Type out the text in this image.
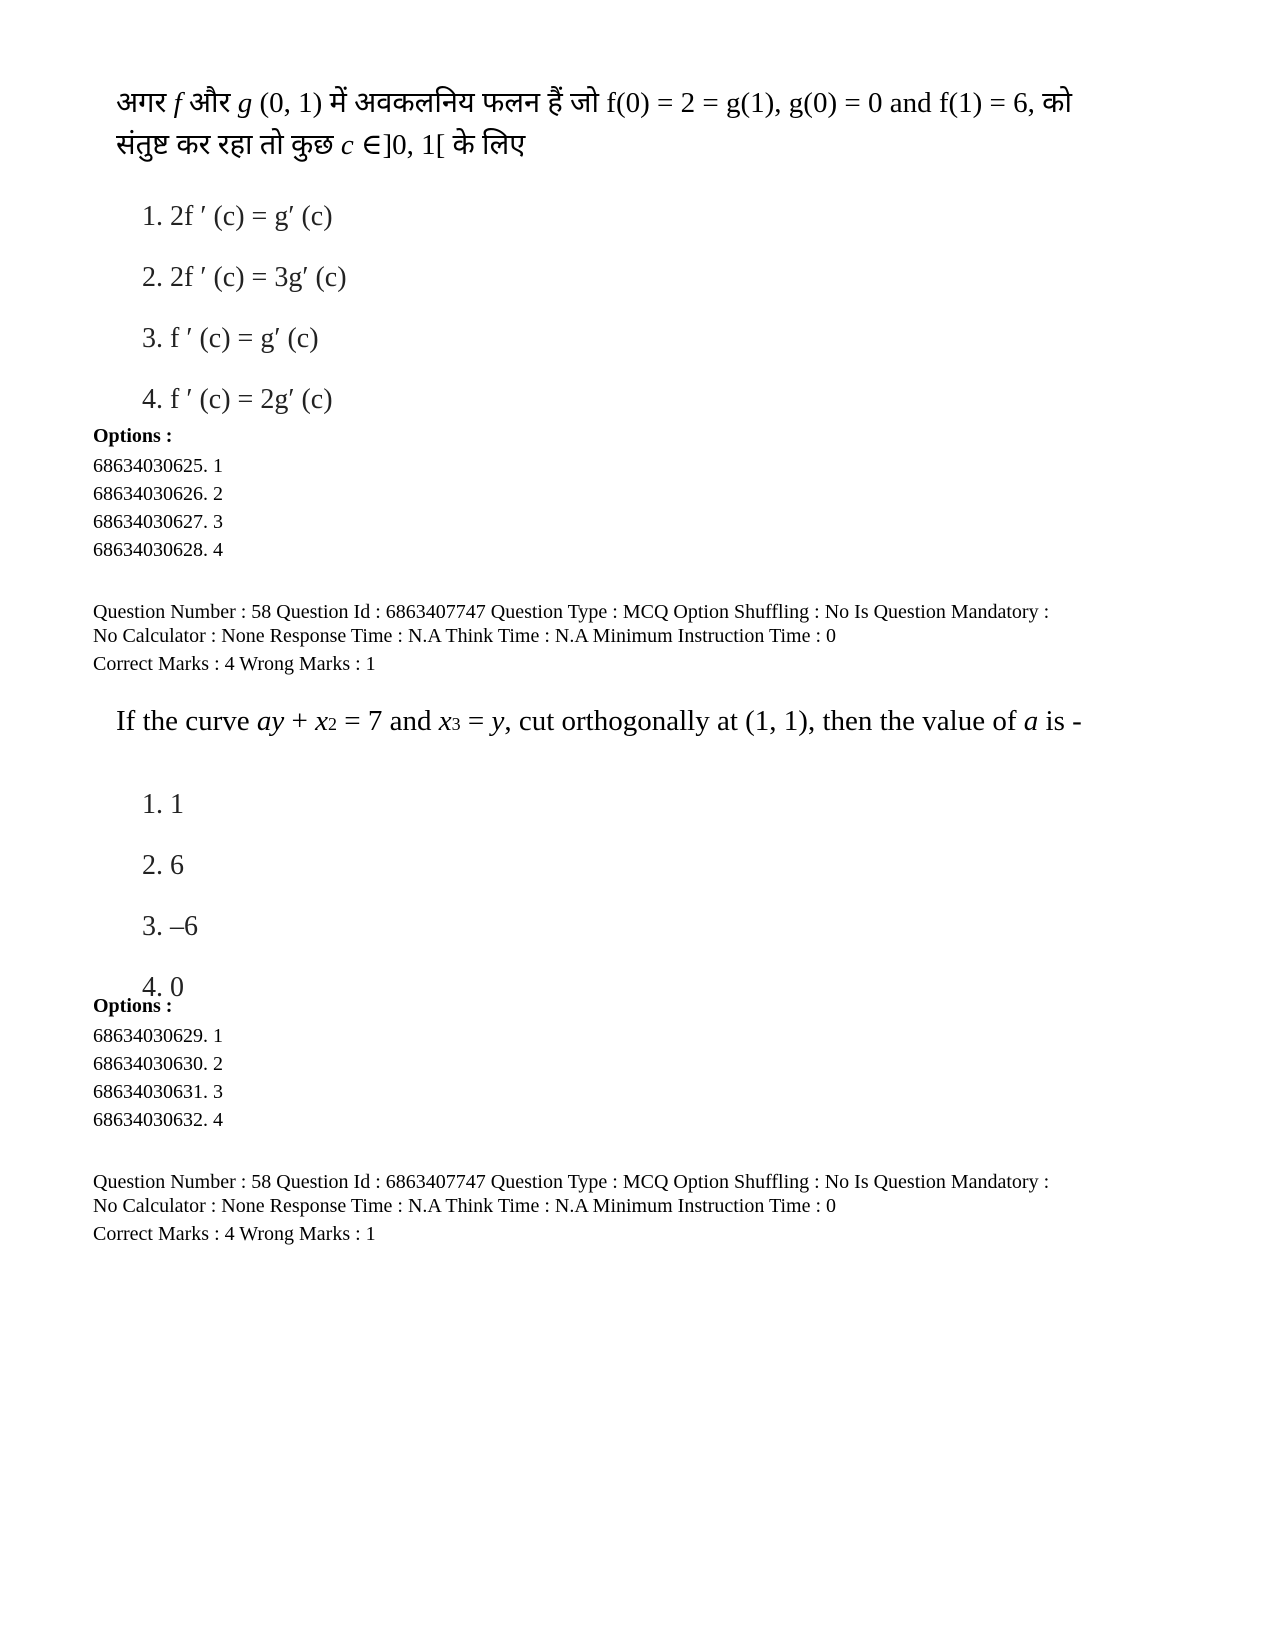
अगर f और g (0, 1) में अवकलनिय फलन हैं जो f(0) = 2 = g(1), g(0) = 0 and f(1) = 6, को
संतुष्ट कर रहा तो कुछ c ∈]0, 1[ के लिए
1. 2f ′ (c) = g′ (c)
2. 2f ′ (c) = 3g′ (c)
3. f ′ (c) = g′ (c)
4. f ′ (c) = 2g′ (c)
Options :
68634030625. 1
68634030626. 2
68634030627. 3
68634030628. 4
Question Number : 58 Question Id : 6863407747 Question Type : MCQ Option Shuffling : No Is Question Mandatory :
No Calculator : None Response Time : N.A Think Time : N.A Minimum Instruction Time : 0
Correct Marks : 4 Wrong Marks : 1
If the curve ay + $x^2 = 7$ and $x^3 = y$, cut orthogonally at (1, 1), then the value of a is -
1. 1
2. 6
3. –6
4. 0
Options :
68634030629. 1
68634030630. 2
68634030631. 3
68634030632. 4
Question Number : 58 Question Id : 6863407747 Question Type : MCQ Option Shuffling : No Is Question Mandatory :
No Calculator : None Response Time : N.A Think Time : N.A Minimum Instruction Time : 0
Correct Marks : 4 Wrong Marks : 1
